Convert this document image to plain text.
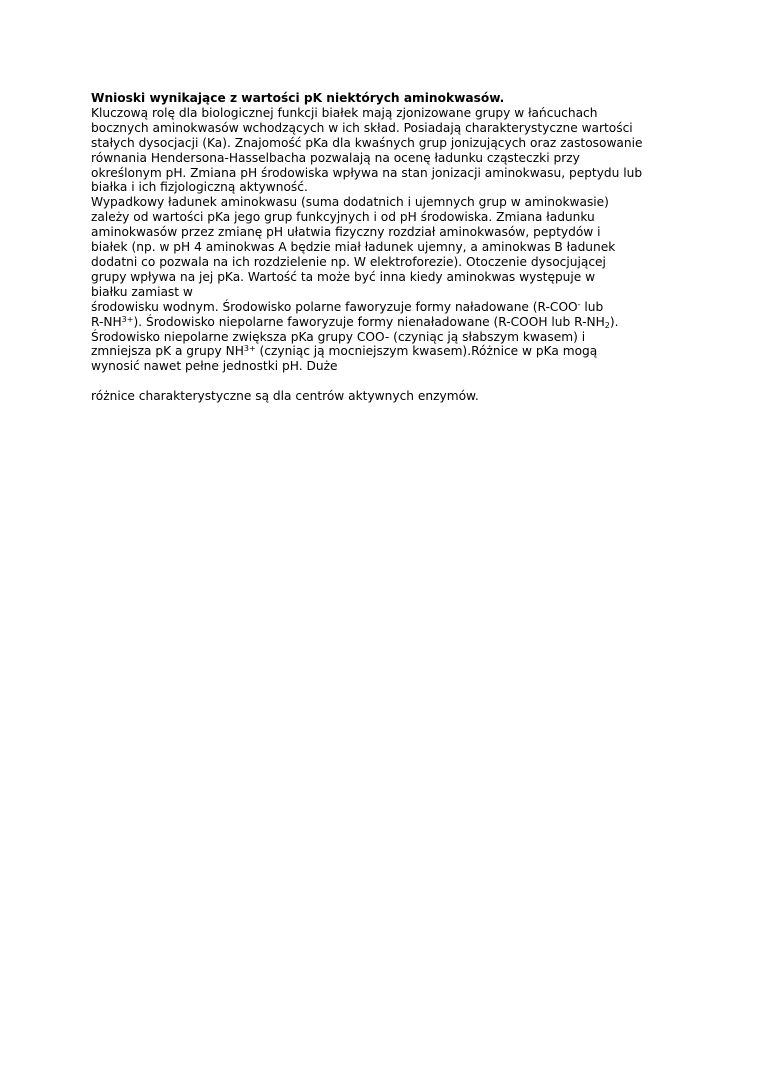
Wnioski wynikające z wartości pK niektórych aminokwasów.
Kluczową rolę dla biologicznej funkcji białek mają zjonizowane grupy w łańcuchach
bocznych aminokwasów wchodzących w ich skład. Posiadają charakterystyczne wartości
stałych dysocjacji (Ka). Znajomość pKa dla kwaśnych grup jonizujących oraz zastosowanie
równania Hendersona-Hasselbacha pozwalają na ocenę ładunku cząsteczki przy
określonym pH. Zmiana pH środowiska wpływa na stan jonizacji aminokwasu, peptydu lub
białka i ich fizjologiczną aktywność.
Wypadkowy ładunek aminokwasu (suma dodatnich i ujemnych grup w aminokwasie)
zależy od wartości pKa jego grup funkcyjnych i od pH środowiska. Zmiana ładunku
aminokwasów przez zmianę pH ułatwia fizyczny rozdział aminokwasów, peptydów i
białek (np. w pH 4 aminokwas A będzie miał ładunek ujemny, a aminokwas B ładunek
dodatni co pozwala na ich rozdzielenie np. W elektroforezie). Otoczenie dysocjującej
grupy wpływa na jej pKa. Wartość ta może być inna kiedy aminokwas występuje w
białku zamiast w
środowisku wodnym. Środowisko polarne faworyzuje formy naładowane (R-COO- lub
$R-NH^{3+}$). Środowisko niepolarne faworyzuje formy nienaładowane (R-COOH lub $R-NH_2$).
Środowisko niepolarne zwiększa pKa grupy COO- (czyniąc ją słabszym kwasem) i
zmniejsza pK a grupy $NH^{3+}$ (czyniąc ją mocniejszym kwasem).Różnice w pKa mogą
wynosić nawet pełne jednostki pH. Duże
różnice charakterystyczne są dla centrów aktywnych enzymów.
